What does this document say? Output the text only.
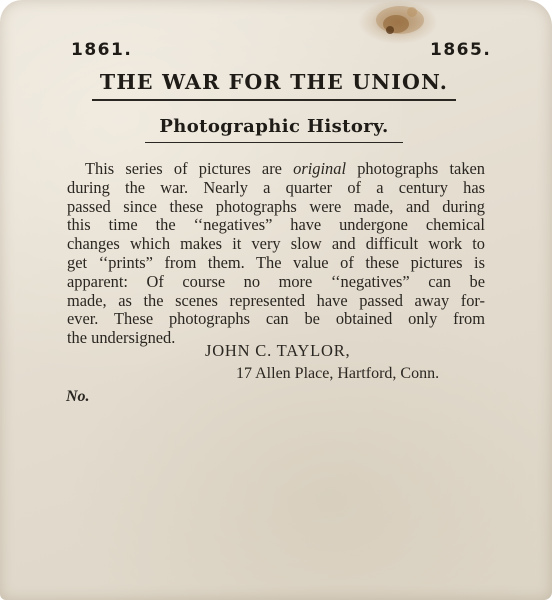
1861.	1865.
THE WAR FOR THE UNION.
Photographic History.
This series of pictures are original photographs taken
during the war. Nearly a quarter of a century has
passed since these photographs were made, and during
this time the ‘‘negatives” have undergone chemical
changes which makes it very slow and difficult work to
get ‘‘prints” from them. The value of these pictures is
apparent: Of course no more ‘‘negatives” can be
made, as the scenes represented have passed away for-
ever. These photographs can be obtained only from
the undersigned.
JOHN C. TAYLOR,
17 Allen Place, Hartford, Conn.
No.
